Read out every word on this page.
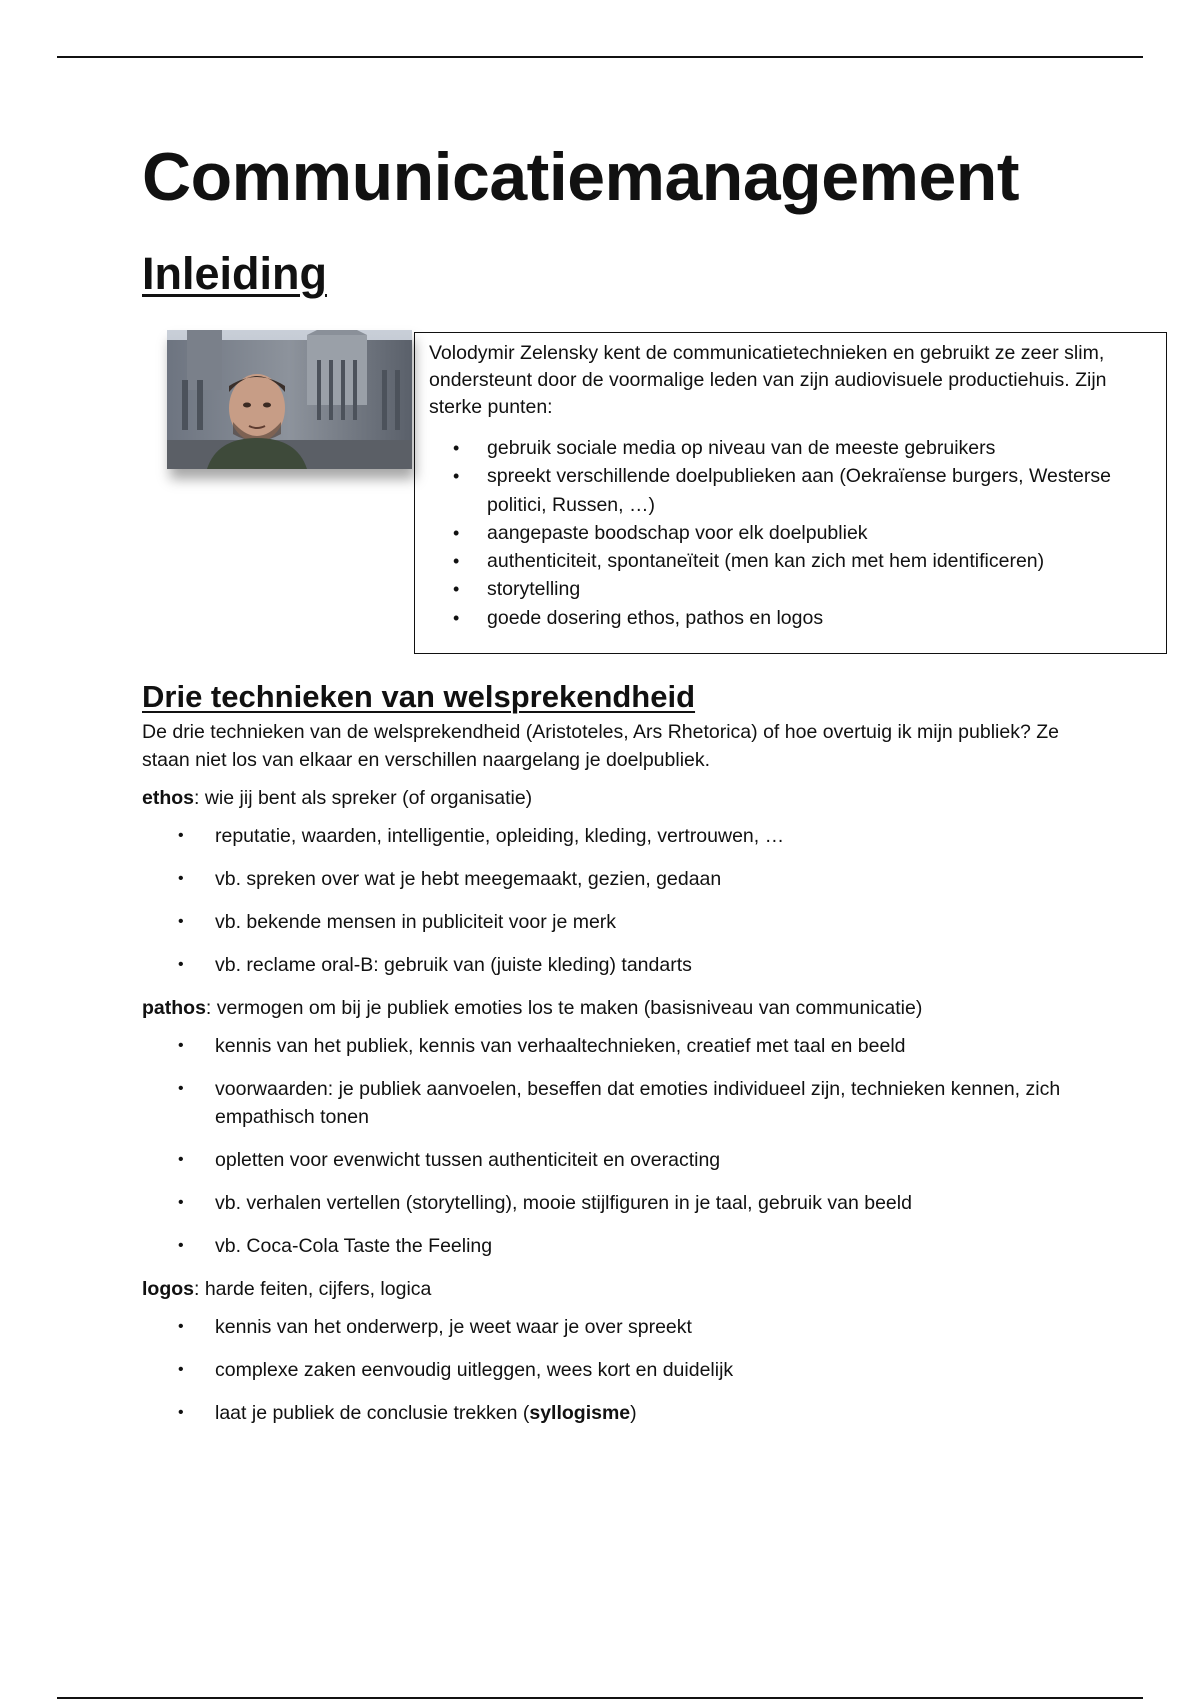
Communicatiemanagement
Inleiding

Volodymir Zelensky kent de communicatietechnieken en gebruikt ze zeer slim, ondersteunt door de voormalige leden van zijn audiovisuele productiehuis. Zijn sterke punten:

• gebruik sociale media op niveau van de meeste gebruikers
• spreekt verschillende doelpublieken aan (Oekraïense burgers, Westerse politici, Russen, …)
• aangepaste boodschap voor elk doelpubliek
• authenticiteit, spontaneïteit (men kan zich met hem identificeren)
• storytelling
• goede dosering ethos, pathos en logos
Drie technieken van welsprekendheid

De drie technieken van de welsprekendheid (Aristoteles, Ars Rhetorica) of hoe overtuig ik mijn publiek? Ze staan niet los van elkaar en verschillen naargelang je doelpubliek.

ethos: wie jij bent als spreker (of organisatie)

• reputatie, waarden, intelligentie, opleiding, kleding, vertrouwen, …
• vb. spreken over wat je hebt meegemaakt, gezien, gedaan
• vb. bekende mensen in publiciteit voor je merk
• vb. reclame oral-B: gebruik van (juiste kleding) tandarts

pathos: vermogen om bij je publiek emoties los te maken (basisniveau van communicatie)

• kennis van het publiek, kennis van verhaaltechnieken, creatief met taal en beeld
• voorwaarden: je publiek aanvoelen, beseffen dat emoties individueel zijn, technieken kennen, zich empathisch tonen
• opletten voor evenwicht tussen authenticiteit en overacting
• vb. verhalen vertellen (storytelling), mooie stijlfiguren in je taal, gebruik van beeld
• vb. Coca-Cola Taste the Feeling

logos: harde feiten, cijfers, logica

• kennis van het onderwerp, je weet waar je over spreekt
• complexe zaken eenvoudig uitleggen, wees kort en duidelijk
• laat je publiek de conclusie trekken (syllogisme)
